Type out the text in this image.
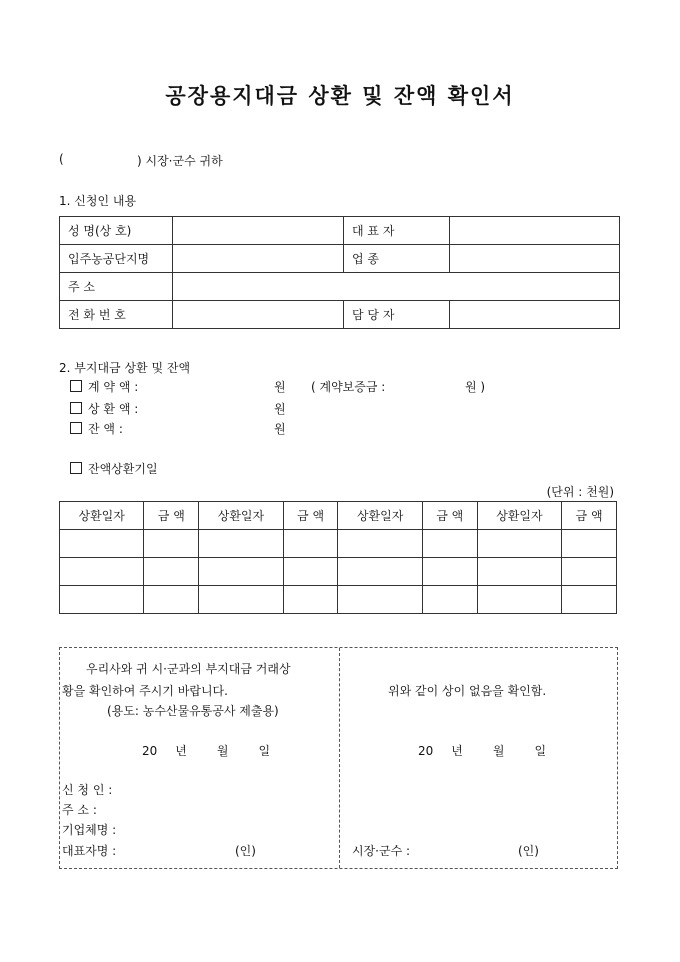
공장용지대금 상환 및 잔액 확인서
(	) 시장·군수 귀하
1. 신청인 내용
성 명(상 호)		대 표 자	

입주농공단지명		업 종	
주 소			
전 화 번 호		담 당 자	
2. 부지대금 상환 및 잔액
계 약 액 :	원 ( 계약보증금 :	원 )
상 환 액 :	원
잔 액 :	원
잔액상환기일
(단위 : 천원)
상환일자	금 액	상환일자	금 액	상환일자	금 액	상환일자	금 액

우리사와 귀 시·군과의 부지대금 거래상
황을 확인하여 주시기 바랍니다.
(용도: 농수산물유통공사 제출용)
20 년	월	일
신 청 인 :
주 소 :
기업체명 :
대표자명 :	(인)
위와 같이 상이 없음을 확인함.
20 년	월	일
시장·군수 :	(인)
